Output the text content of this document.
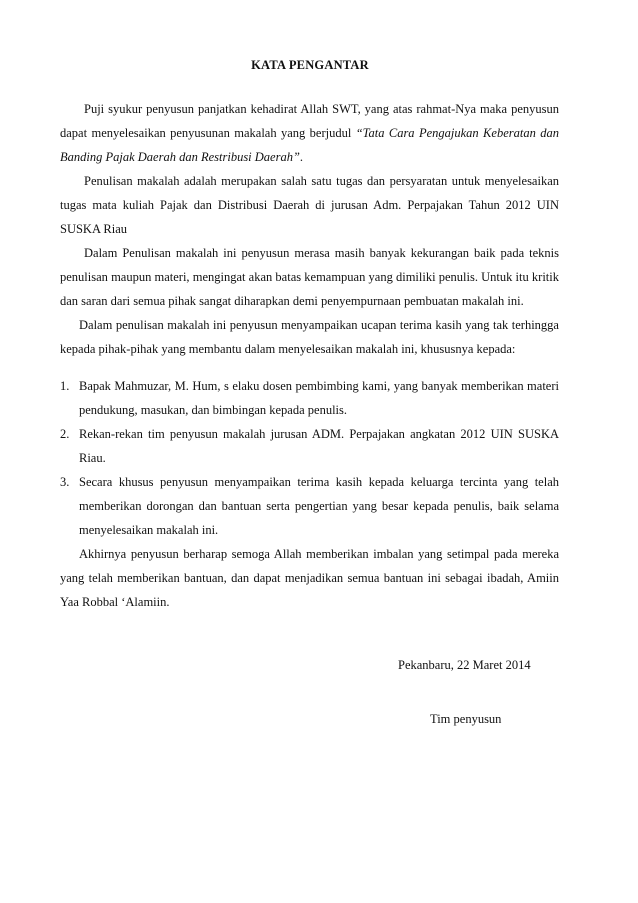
KATA PENGANTAR

Puji syukur penyusun panjatkan kehadirat Allah SWT, yang atas rahmat-Nya maka penyusun dapat menyelesaikan penyusunan makalah yang berjudul “Tata Cara Pengajukan Keberatan dan Banding Pajak Daerah dan Restribusi Daerah”.

Penulisan makalah adalah merupakan salah satu tugas dan persyaratan untuk menyelesaikan tugas mata kuliah Pajak dan Distribusi Daerah di jurusan Adm. Perpajakan Tahun 2012 UIN SUSKA Riau

Dalam Penulisan makalah ini penyusun merasa masih banyak kekurangan baik pada teknis penulisan maupun materi, mengingat akan batas kemampuan yang dimiliki penulis. Untuk itu kritik dan saran dari semua pihak sangat diharapkan demi penyempurnaan pembuatan makalah ini.

Dalam penulisan makalah ini penyusun menyampaikan ucapan terima kasih yang tak terhingga kepada pihak-pihak yang membantu dalam menyelesaikan makalah ini, khususnya kepada:

1. Bapak Mahmuzar, M. Hum, s elaku dosen pembimbing kami, yang banyak memberikan materi pendukung, masukan, dan bimbingan kepada penulis.
2. Rekan-rekan tim penyusun makalah jurusan ADM. Perpajakan angkatan 2012 UIN SUSKA Riau.
3. Secara khusus penyusun menyampaikan terima kasih kepada keluarga tercinta yang telah memberikan dorongan dan bantuan serta pengertian yang besar kepada penulis, baik selama menyelesaikan makalah ini.

Akhirnya penyusun berharap semoga Allah memberikan imbalan yang setimpal pada mereka yang telah memberikan bantuan, dan dapat menjadikan semua bantuan ini sebagai ibadah, Amiin Yaa Robbal ‘Alamiin.

Pekanbaru, 22 Maret 2014
Tim penyusun
